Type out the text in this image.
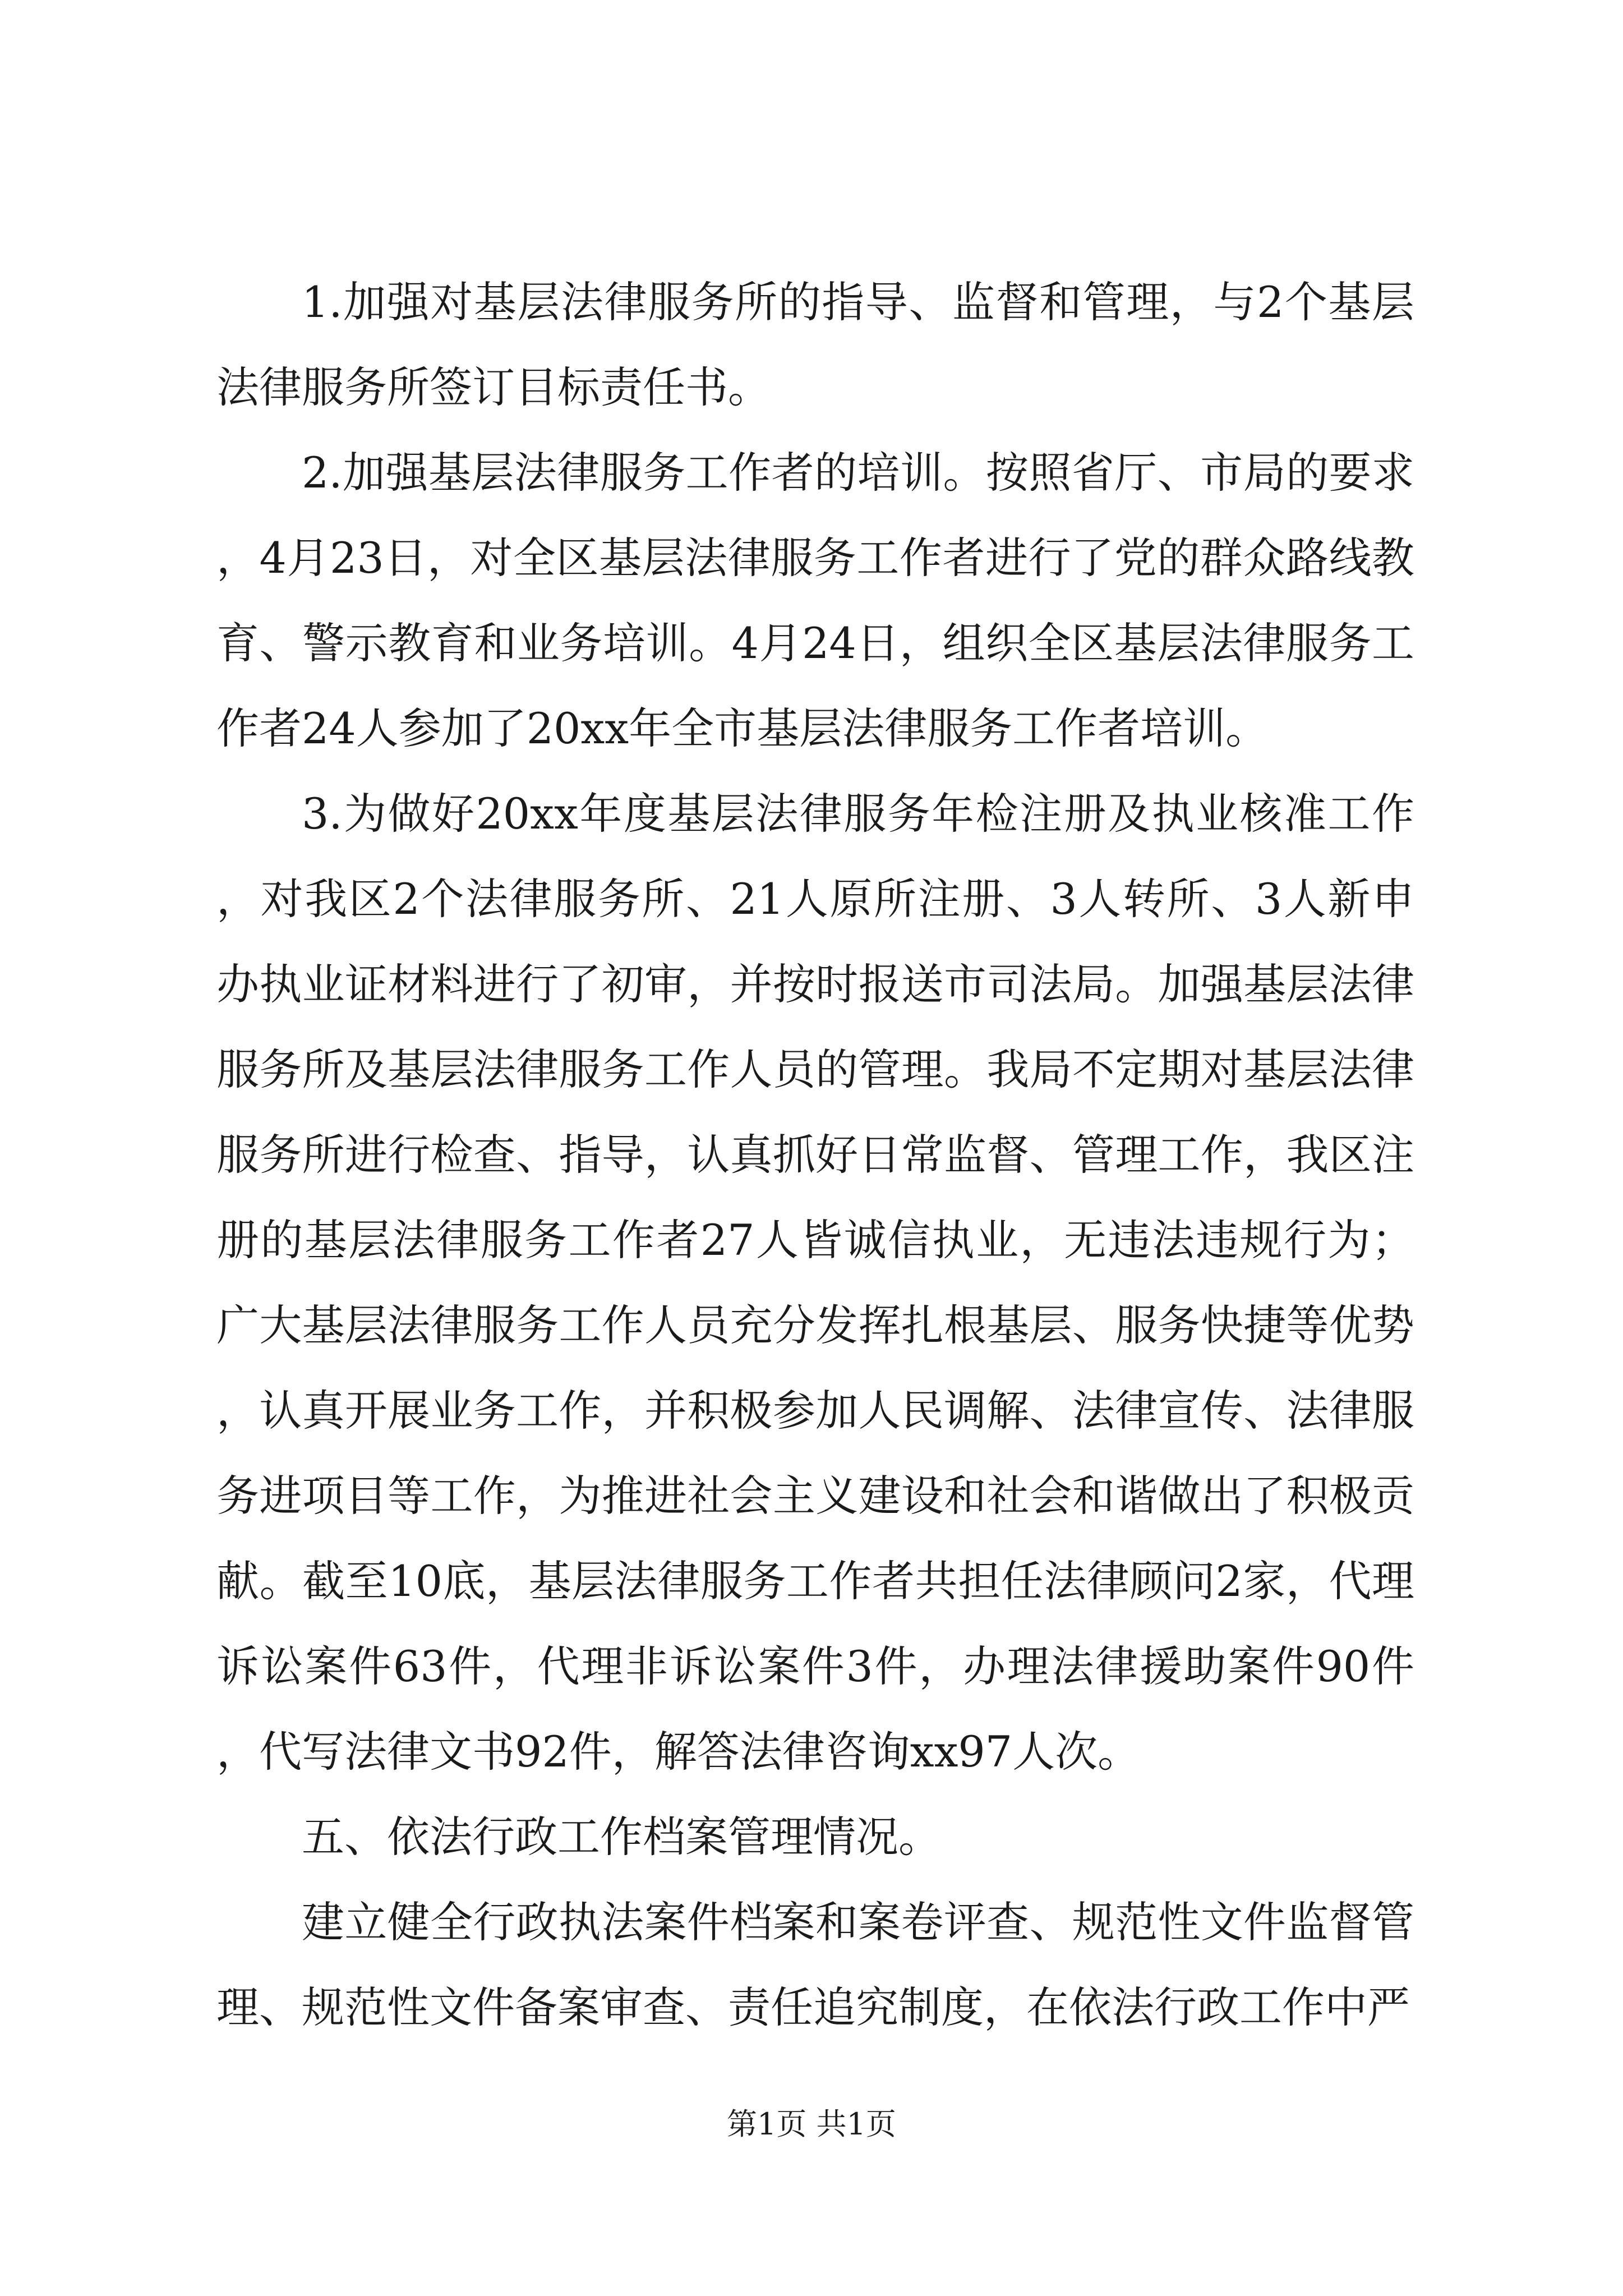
1.加强对基层法律服务所的指导、监督和管理，与2个基层法律服务所签订目标责任书。

2.加强基层法律服务工作者的培训。按照省厅、市局的要求，4月23日，对全区基层法律服务工作者进行了党的群众路线教育、警示教育和业务培训。4月24日，组织全区基层法律服务工作者24人参加了20xx年全市基层法律服务工作者培训。

3.为做好20xx年度基层法律服务年检注册及执业核准工作，对我区2个法律服务所、21人原所注册、3人转所、3人新申办执业证材料进行了初审，并按时报送市司法局。加强基层法律服务所及基层法律服务工作人员的管理。我局不定期对基层法律服务所进行检查、指导，认真抓好日常监督、管理工作，我区注册的基层法律服务工作者27人皆诚信执业，无违法违规行为；广大基层法律服务工作人员充分发挥扎根基层、服务快捷等优势，认真开展业务工作，并积极参加人民调解、法律宣传、法律服务进项目等工作，为推进社会主义建设和社会和谐做出了积极贡献。截至10底，基层法律服务工作者共担任法律顾问2家，代理诉讼案件63件，代理非诉讼案件3件，办理法律援助案件90件，代写法律文书92件，解答法律咨询xx97人次。

五、依法行政工作档案管理情况。

建立健全行政执法案件档案和案卷评查、规范性文件监督管理、规范性文件备案审查、责任追究制度，在依法行政工作中严

第1页 共1页
